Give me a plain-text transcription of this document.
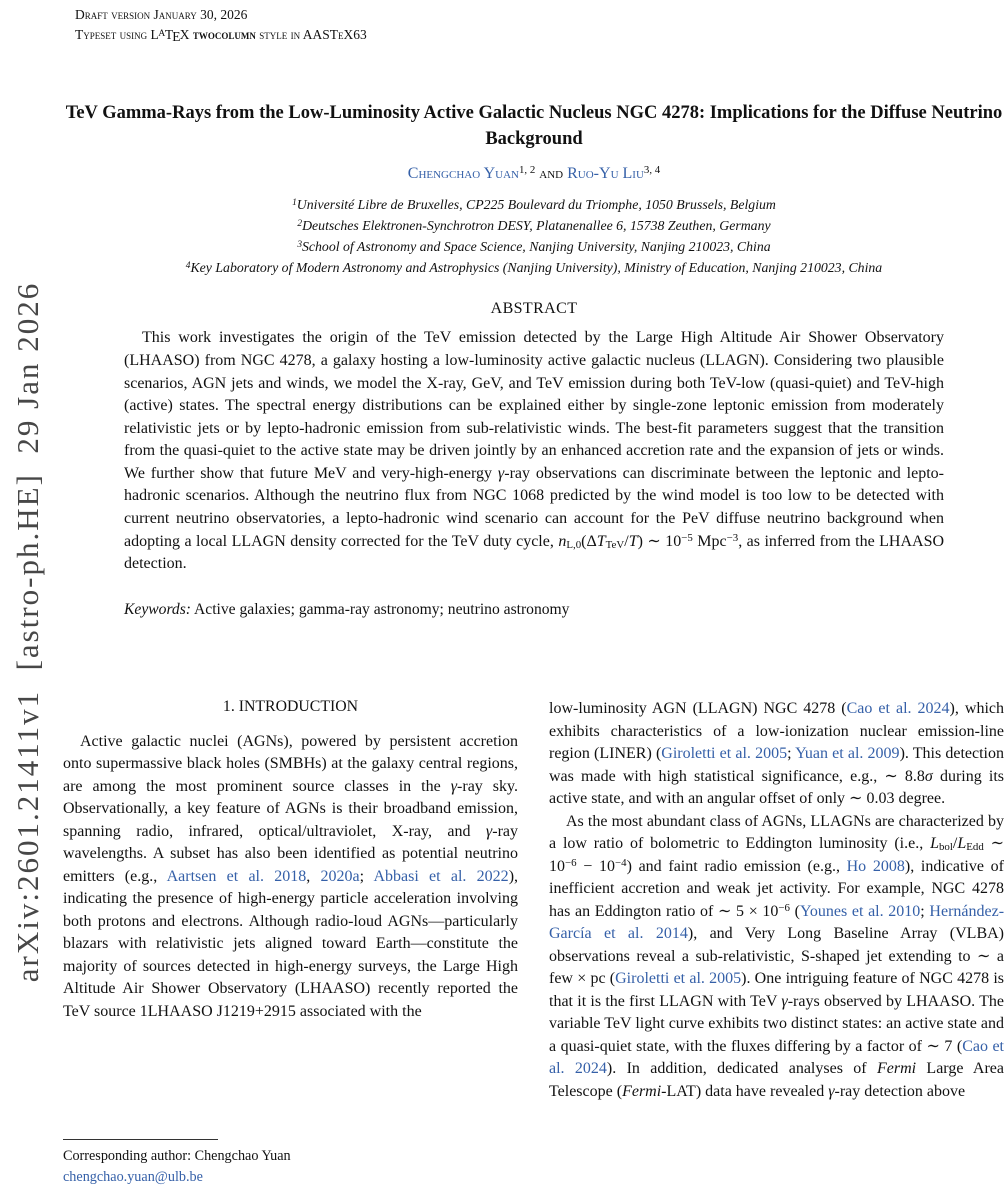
arXiv:2601.21411v1  [astro-ph.HE]  29 Jan 2026
Draft version January 30, 2026
Typeset using $L^ATEX$ twocolumn style in AASTeX63
TeV Gamma-Rays from the Low-Luminosity Active Galactic Nucleus NGC 4278: Implications for the Diffuse Neutrino Background
Chengchao Yuan$^{1, 2}$ and Ruo-Yu Liu$^{3, 4}$
$^1$Université Libre de Bruxelles, CP225 Boulevard du Triomphe, 1050 Brussels, Belgium
$^2$Deutsches Elektronen-Synchrotron DESY, Platanenallee 6, 15738 Zeuthen, Germany
$^3$School of Astronomy and Space Science, Nanjing University, Nanjing 210023, China
$^4$Key Laboratory of Modern Astronomy and Astrophysics (Nanjing University), Ministry of Education, Nanjing 210023, China
ABSTRACT

This work investigates the origin of the TeV emission detected by the Large High Altitude Air Shower Observatory (LHAASO) from NGC 4278, a galaxy hosting a low-luminosity active galactic nucleus (LLAGN). Considering two plausible scenarios, AGN jets and winds, we model the X-ray, GeV, and TeV emission during both TeV-low (quasi-quiet) and TeV-high (active) states. The spectral energy distributions can be explained either by single-zone leptonic emission from moderately relativistic jets or by lepto-hadronic emission from sub-relativistic winds. The best-fit parameters suggest that the transition from the quasi-quiet to the active state may be driven jointly by an enhanced accretion rate and the expansion of jets or winds. We further show that future MeV and very-high-energy γ-ray observations can discriminate between the leptonic and lepto-hadronic scenarios. Although the neutrino flux from NGC 1068 predicted by the wind model is too low to be detected with current neutrino observatories, a lepto-hadronic wind scenario can account for the PeV diffuse neutrino background when adopting a local LLAGN density corrected for the TeV duty cycle, nL,0(ΔTTeV/T) ∼ $10^{-5}$ Mpc$^{-3}$, as inferred from the LHAASO detection.

Keywords: Active galaxies; gamma-ray astronomy; neutrino astronomy
1. INTRODUCTION

Active galactic nuclei (AGNs), powered by persistent accretion onto supermassive black holes (SMBHs) at the galaxy central regions, are among the most prominent source classes in the γ-ray sky. Observationally, a key feature of AGNs is their broadband emission, spanning radio, infrared, optical/ultraviolet, X-ray, and γ-ray wavelengths. A subset has also been identified as potential neutrino emitters (e.g., Aartsen et al. 2018, 2020a; Abbasi et al. 2022), indicating the presence of high-energy particle acceleration involving both protons and electrons. Although radio-loud AGNs—particularly blazars with relativistic jets aligned toward Earth—constitute the majority of sources detected in high-energy surveys, the Large High Altitude Air Shower Observatory (LHAASO) recently reported the TeV source 1LHAASO J1219+2915 associated with the

Corresponding author: Chengchao Yuan
chengchao.yuan@ulb.be

low-luminosity AGN (LLAGN) NGC 4278 (Cao et al. 2024), which exhibits characteristics of a low-ionization nuclear emission-line region (LINER) (Giroletti et al. 2005; Yuan et al. 2009). This detection was made with high statistical significance, e.g., ∼ 8.8σ during its active state, and with an angular offset of only ∼ 0.03 degree.

As the most abundant class of AGNs, LLAGNs are characterized by a low ratio of bolometric to Eddington luminosity (i.e., Lbol/LEdd ∼ $10^{-6} - 10^{-4}$) and faint radio emission (e.g., Ho 2008), indicative of inefficient accretion and weak jet activity. For example, NGC 4278 has an Eddington ratio of ∼ $5 \times 10^{-6}$ (Younes et al. 2010; Hernández-García et al. 2014), and Very Long Baseline Array (VLBA) observations reveal a sub-relativistic, S-shaped jet extending to ∼ a few × pc (Giroletti et al. 2005). One intriguing feature of NGC 4278 is that it is the first LLAGN with TeV γ-rays observed by LHAASO. The variable TeV light curve exhibits two distinct states: an active state and a quasi-quiet state, with the fluxes differing by a factor of ∼ 7 (Cao et al. 2024). In addition, dedicated analyses of Fermi Large Area Telescope (Fermi-LAT) data have revealed γ-ray detection above
